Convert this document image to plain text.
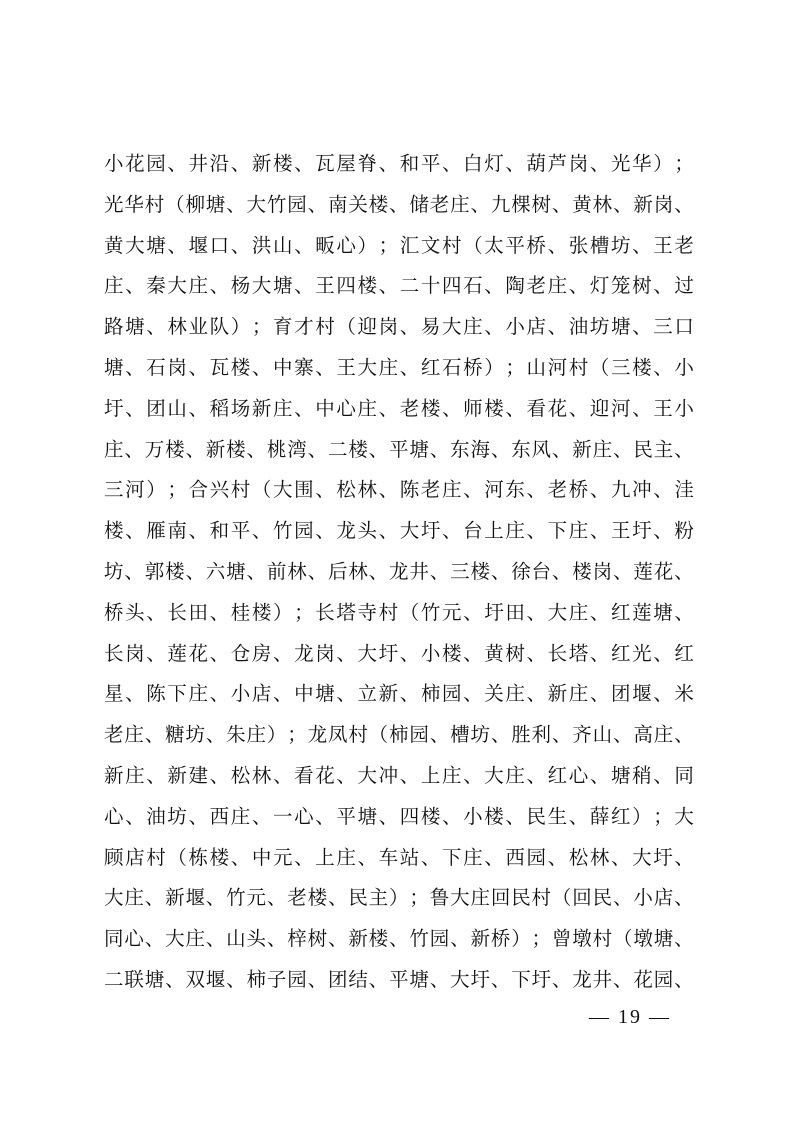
小 花 园 、 井 沿 、 新 楼 、 瓦 屋 脊 、 和 平 、 白 灯 、 葫 芦 岗 、 光 华 ） ；
光 华 村 （ 柳 塘 、 大 竹 园 、 南 关 楼 、 储 老 庄 、 九 棵 树 、 黄 林 、 新 岗 、
黄 大 塘 、 堰 口 、 洪 山 、 畈 心 ） ； 汇 文 村 （ 太 平 桥 、 张 槽 坊 、 王 老
庄 、 秦 大 庄 、 杨 大 塘 、 王 四 楼 、 二 十 四 石 、 陶 老 庄 、 灯 笼 树 、 过
路 塘 、 林 业 队 ） ； 育 才 村 （ 迎 岗 、 易 大 庄 、 小 店 、 油 坊 塘 、 三 口
塘 、 石 岗 、 瓦 楼 、 中 寨 、 王 大 庄 、 红 石 桥 ） ； 山 河 村 （ 三 楼 、 小
圩 、 团 山 、 稻 场 新 庄 、 中 心 庄 、 老 楼 、 师 楼 、 看 花 、 迎 河 、 王 小
庄 、 万 楼 、 新 楼 、 桃 湾 、 二 楼 、 平 塘 、 东 海 、 东 风 、 新 庄 、 民 主 、
三 河 ） ； 合 兴 村 （ 大 围 、 松 林 、 陈 老 庄 、 河 东 、 老 桥 、 九 冲 、 洼
楼 、 雁 南 、 和 平 、 竹 园 、 龙 头 、 大 圩 、 台 上 庄 、 下 庄 、 王 圩 、 粉
坊 、 郭 楼 、 六 塘 、 前 林 、 后 林 、 龙 井 、 三 楼 、 徐 台 、 楼 岗 、 莲 花 、
桥 头 、 长 田 、 桂 楼 ） ； 长 塔 寺 村 （ 竹 元 、 圩 田 、 大 庄 、 红 莲 塘 、
长 岗 、 莲 花 、 仓 房 、 龙 岗 、 大 圩 、 小 楼 、 黄 树 、 长 塔 、 红 光 、 红
星 、 陈 下 庄 、 小 店 、 中 塘 、 立 新 、 柿 园 、 关 庄 、 新 庄 、 团 堰 、 米
老 庄 、 糖 坊 、 朱 庄 ） ； 龙 凤 村 （ 柿 园 、 槽 坊 、 胜 利 、 齐 山 、 高 庄 、
新 庄 、 新 建 、 松 林 、 看 花 、 大 冲 、 上 庄 、 大 庄 、 红 心 、 塘 稍 、 同
心 、 油 坊 、 西 庄 、 一 心 、 平 塘 、 四 楼 、 小 楼 、 民 生 、 薛 红 ） ； 大
顾 店 村 （ 栋 楼 、 中 元 、 上 庄 、 车 站 、 下 庄 、 西 园 、 松 林 、 大 圩 、
大 庄 、 新 堰 、 竹 元 、 老 楼 、 民 主 ） ； 鲁 大 庄 回 民 村 （ 回 民 、 小 店 、
同 心 、 大 庄 、 山 头 、 梓 树 、 新 楼 、 竹 园 、 新 桥 ） ； 曾 墩 村 （ 墩 塘 、
二 联 塘 、 双 堰 、 柿 子 园 、 团 结 、 平 塘 、 大 圩 、 下 圩 、 龙 井 、 花 园 、
— 19 —
